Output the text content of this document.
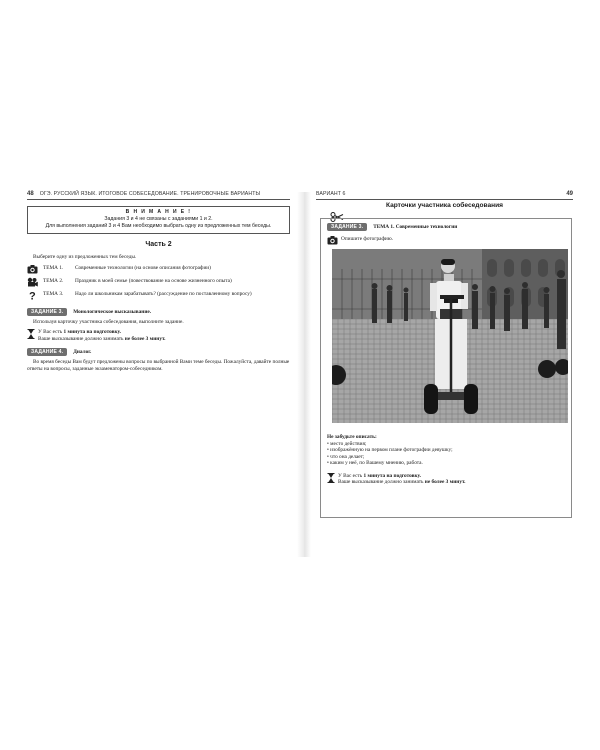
48 ОГЭ. РУССКИЙ ЯЗЫК. ИТОГОВОЕ СОБЕСЕДОВАНИЕ. ТРЕНИРОВОЧНЫЕ ВАРИАНТЫ
В Н И М А Н И Е !
Задания 3 и 4 не связаны с заданиями 1 и 2.
Для выполнения заданий 3 и 4 Вам необходимо выбрать одну из предложенных тем беседы.
Часть 2
Выберите одну из предложенных тем беседы.
ТЕМА 1.	Современные технологии (на основе описания фотографии)
ТЕМА 2.	Праздник в моей семье (повествование на основе жизненного опыта)
?	ТЕМА 3.	Надо ли школьникам зарабатывать? (рассуждение по поставленному вопросу)
ЗАДАНИЕ 3.	Монологическое высказывание.
Используя карточку участника собеседования, выполните задание.
У Вас есть 1 минута на подготовку.
Ваше высказывание должно занимать не более 3 минут.
ЗАДАНИЕ 4.	Диалог.
Во время беседы Вам будут предложены вопросы по выбранной Вами теме беседы. Пожалуйста, давайте полные ответы на вопросы, заданные экзаменатором-собеседником.
ВАРИАНТ 6	49
Карточки участника собеседования
ЗАДАНИЕ 3.	ТЕМА 1. Современные технологии
Опишите фотографию.
Не забудьте описать:
• место действия;
• изображённую на первом плане фотографии девушку;
• что она делает;
• каким у неё, по Вашему мнению, работа.
У Вас есть 1 минута на подготовку.
Ваше высказывание должно занимать не более 3 минут.
